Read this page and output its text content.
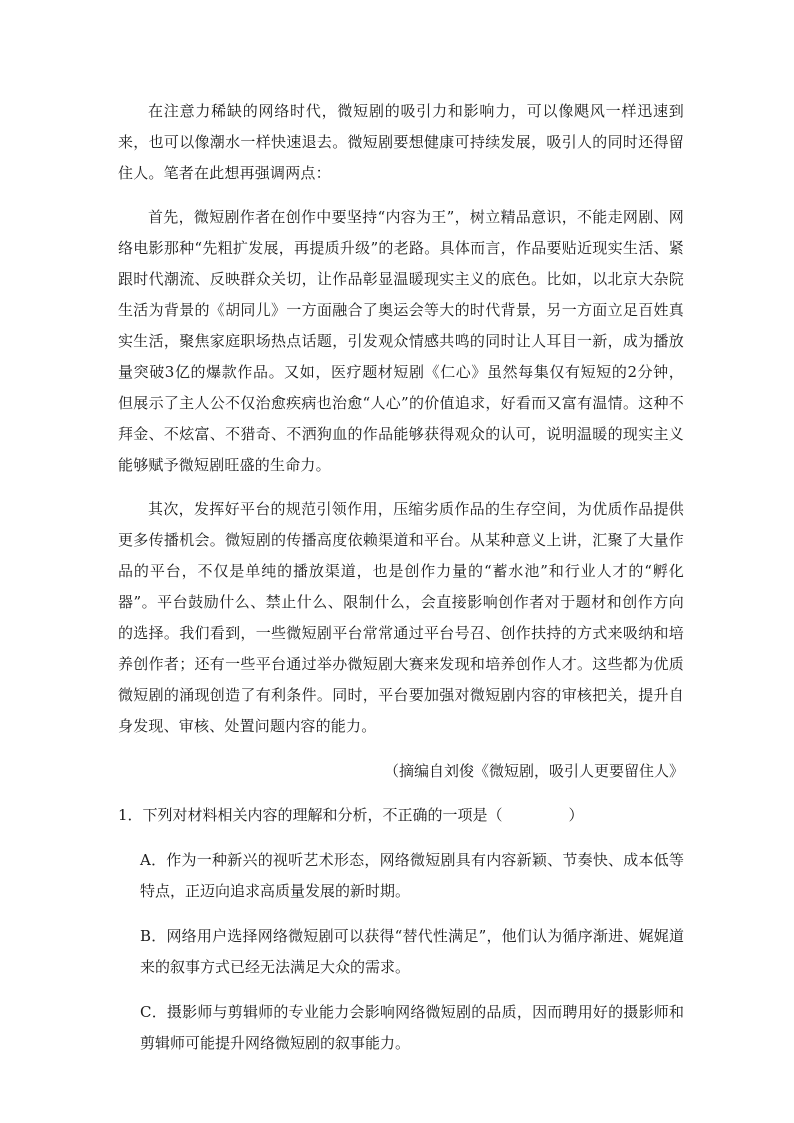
在注意力稀缺的网络时代，微短剧的吸引力和影响力，可以像飓风一样迅速到来，也可以像潮水一样快速退去。微短剧要想健康可持续发展，吸引人的同时还得留住人。笔者在此想再强调两点：

首先，微短剧作者在创作中要坚持“内容为王”，树立精品意识，不能走网剧、网络电影那种“先粗扩发展，再提质升级”的老路。具体而言，作品要贴近现实生活、紧跟时代潮流、反映群众关切，让作品彰显温暖现实主义的底色。比如，以北京大杂院生活为背景的《胡同儿》一方面融合了奥运会等大的时代背景，另一方面立足百姓真实生活，聚焦家庭职场热点话题，引发观众情感共鸣的同时让人耳目一新，成为播放量突破3亿的爆款作品。又如，医疗题材短剧《仁心》虽然每集仅有短短的2分钟，但展示了主人公不仅治愈疾病也治愈“人心”的价值追求，好看而又富有温情。这种不拜金、不炫富、不猎奇、不洒狗血的作品能够获得观众的认可，说明温暖的现实主义能够赋予微短剧旺盛的生命力。

其次，发挥好平台的规范引领作用，压缩劣质作品的生存空间，为优质作品提供更多传播机会。微短剧的传播高度依赖渠道和平台。从某种意义上讲，汇聚了大量作品的平台，不仅是单纯的播放渠道，也是创作力量的“蓄水池”和行业人才的“孵化器”。平台鼓励什么、禁止什么、限制什么，会直接影响创作者对于题材和创作方向的选择。我们看到，一些微短剧平台常常通过平台号召、创作扶持的方式来吸纳和培养创作者；还有一些平台通过举办微短剧大赛来发现和培养创作人才。这些都为优质微短剧的涌现创造了有利条件。同时，平台要加强对微短剧内容的审核把关，提升自身发现、审核、处置问题内容的能力。

（摘编自刘俊《微短剧，吸引人更要留住人》

1．下列对材料相关内容的理解和分析，不正确的一项是（	）

A．作为一种新兴的视听艺术形态，网络微短剧具有内容新颖、节奏快、成本低等特点，正迈向追求高质量发展的新时期。

B．网络用户选择网络微短剧可以获得“替代性满足”，他们认为循序渐进、娓娓道来的叙事方式已经无法满足大众的需求。

C．摄影师与剪辑师的专业能力会影响网络微短剧的品质，因而聘用好的摄影师和剪辑师可能提升网络微短剧的叙事能力。
